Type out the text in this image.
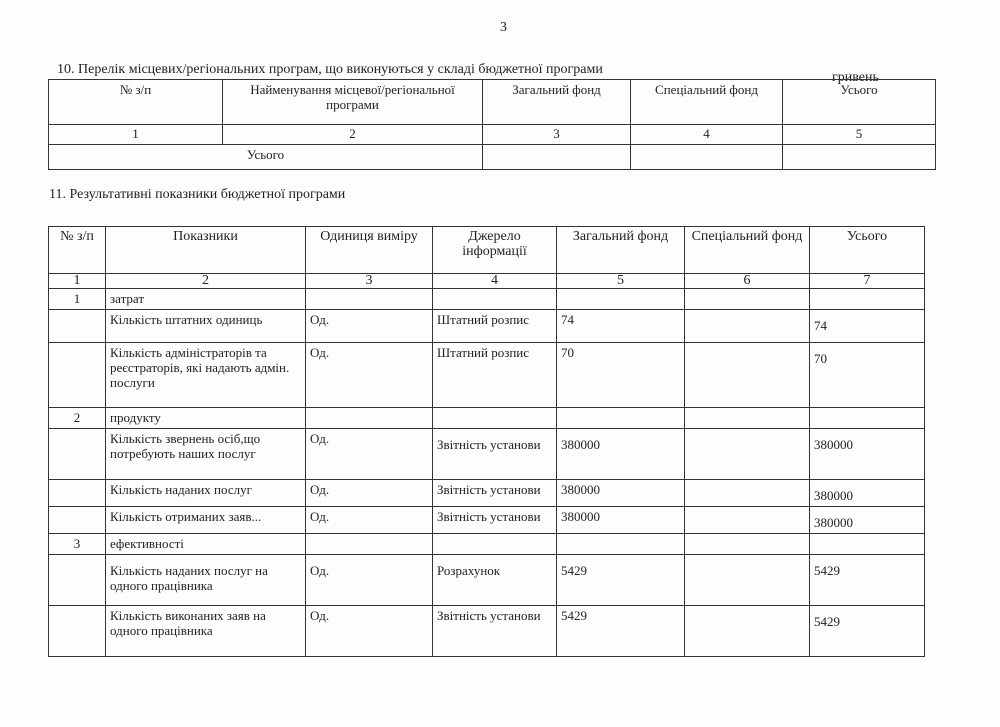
3
10. Перелік місцевих/регіональних програм, що виконуються у складі бюджетної програми
гривень
№ з/п	Найменування місцевої/регіональної програми	Загальний фонд	Спеціальний фонд	Усього
1	2	3	4	5
Усього				
11. Результативні показники бюджетної програми
№ з/п	Показники	Одиниця виміру	Джерело інформації	Загальний фонд	Спеціальний фонд	Усього
1	2	3	4	5	6	7
1	затрат					
	Кількість штатних одиниць	Од.	Штатний розпис	74		74
	Кількість адміністраторів та реєстраторів, які надають адмін. послуги	Од.	Штатний розпис	70		70
2	продукту					
	Кількість звернень осіб,що потребують наших послуг	Од.	Звітність установи	380000		380000
	Кількість наданих послуг	Од.	Звітність установи	380000		380000
	Кількість отриманих заяв...	Од.	Звітність установи	380000		380000
3	ефективності					
	Кількість наданих послуг на одного працівника	Од.	Розрахунок	5429		5429
	Кількість виконаних заяв на одного працівника	Од.	Звітність установи	5429		5429
